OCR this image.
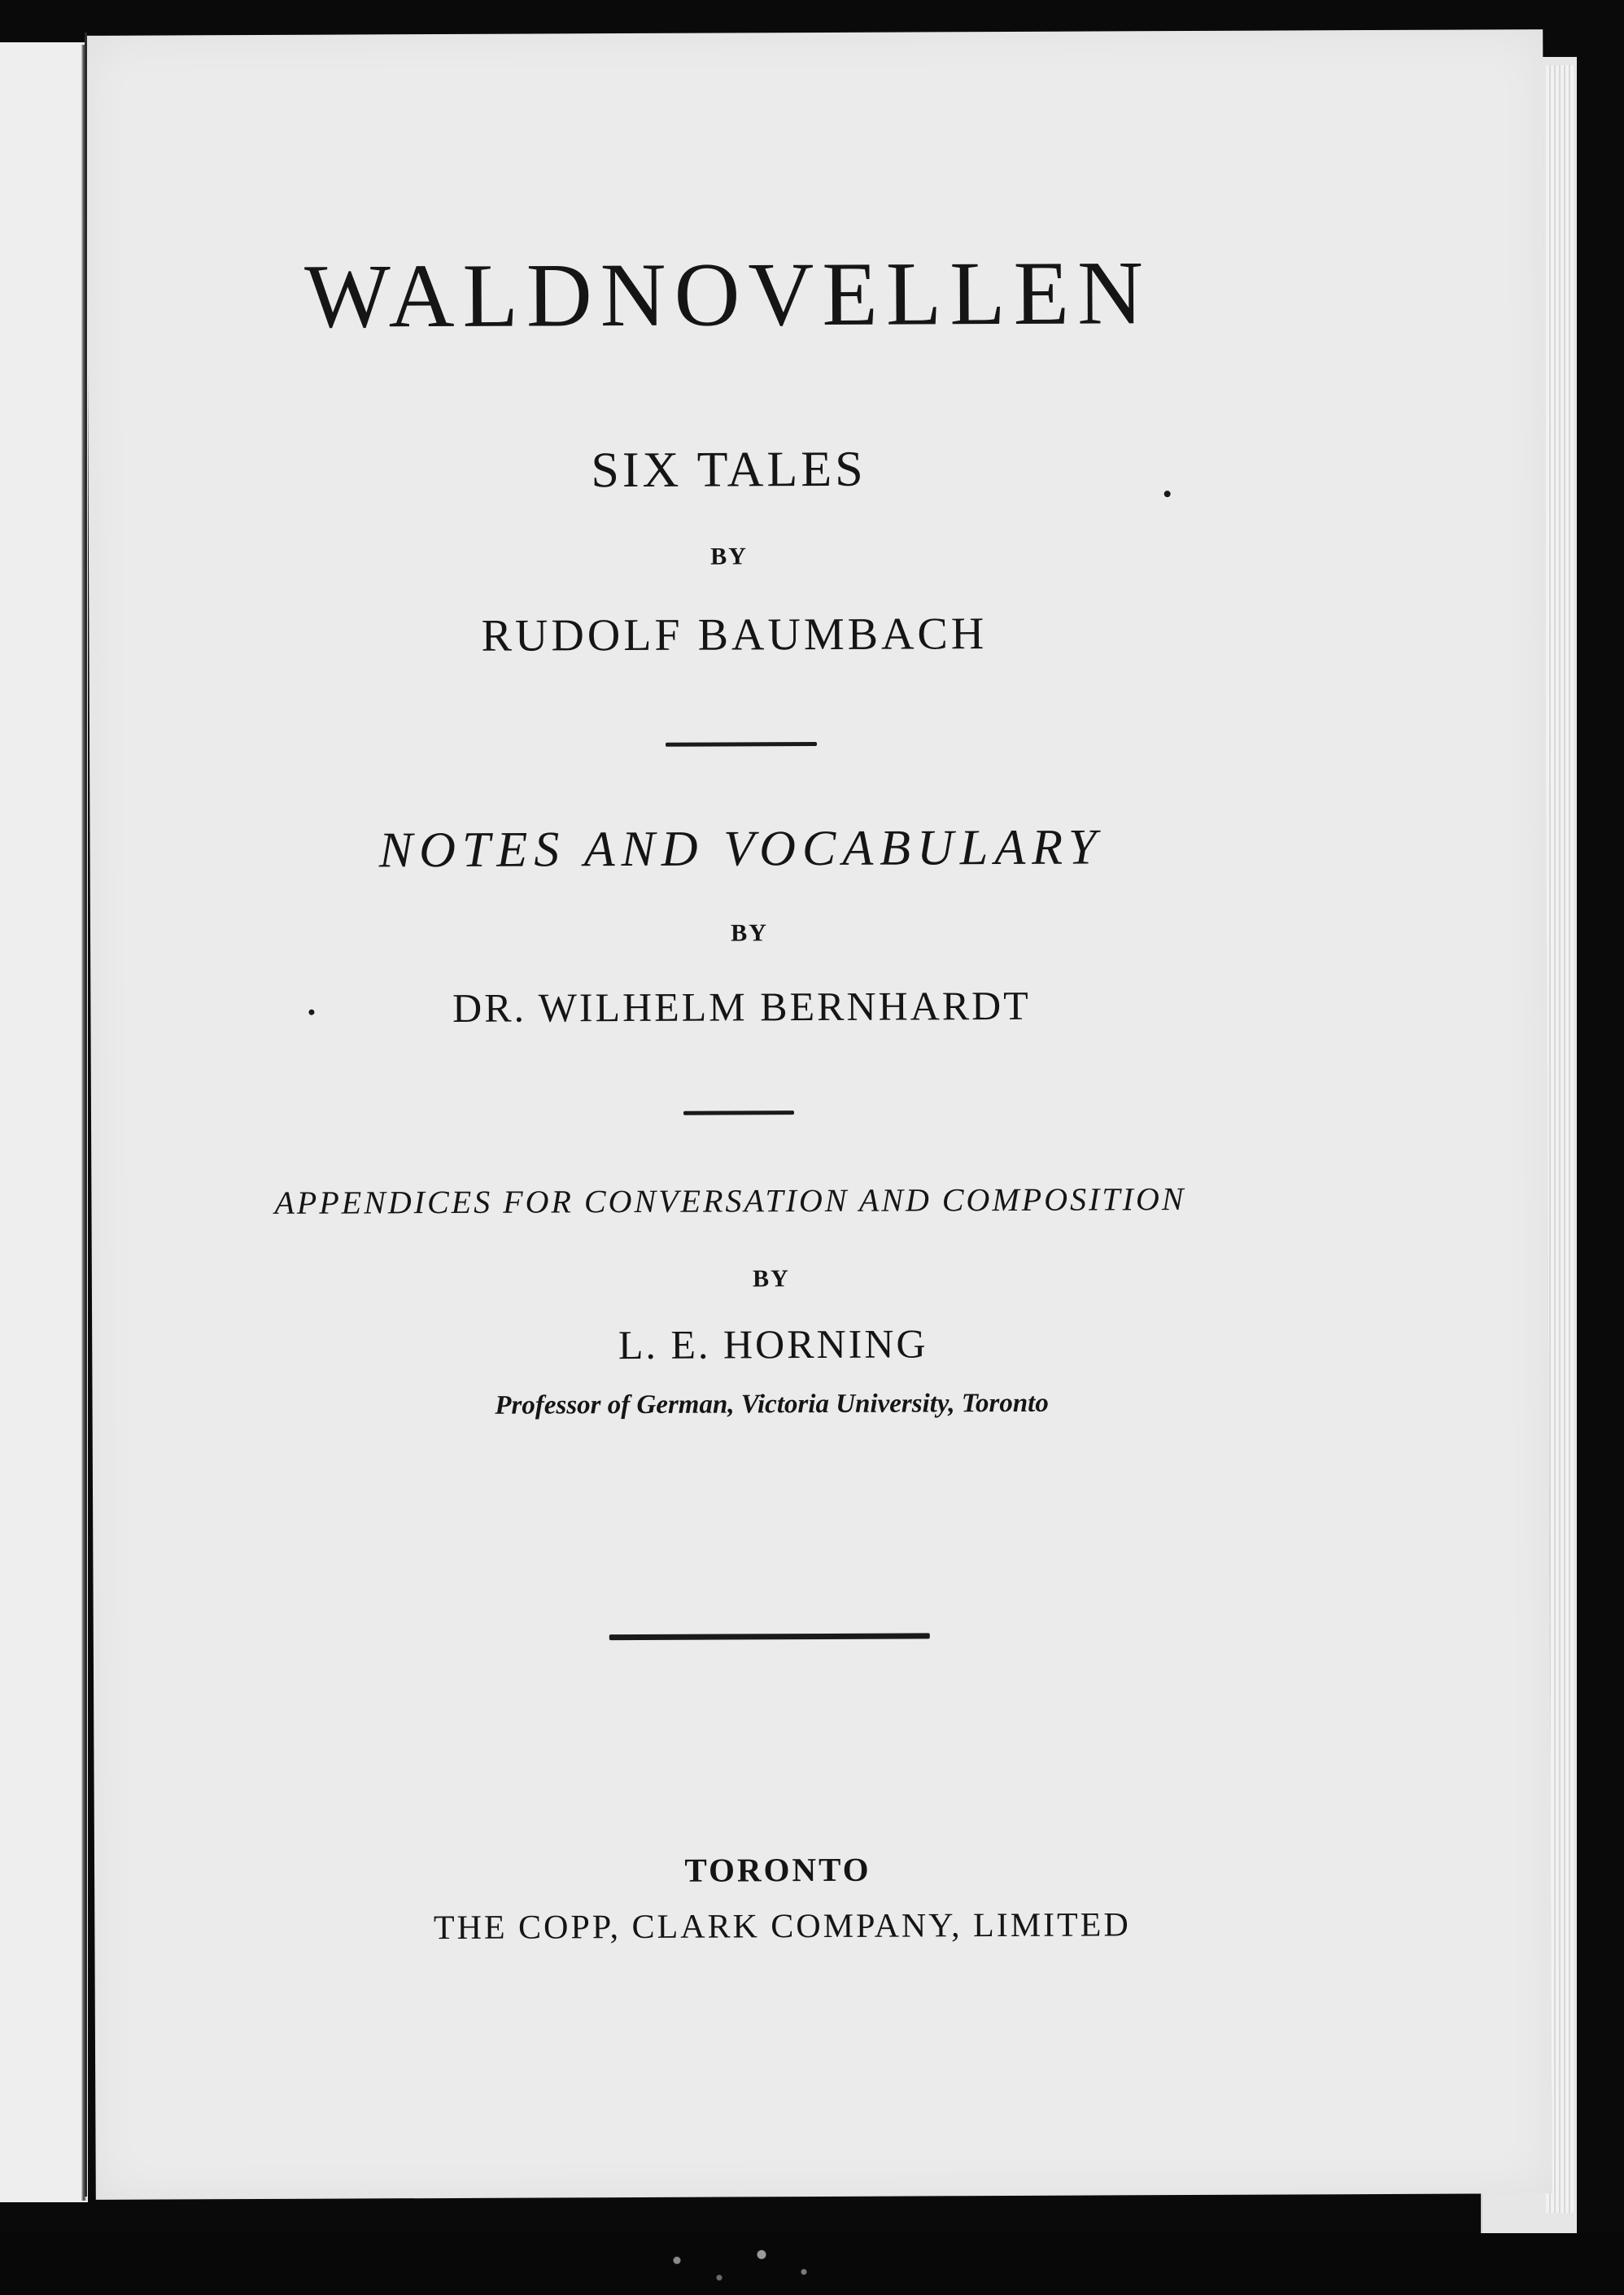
WALDNOVELLEN
SIX TALES
BY
RUDOLF BAUMBACH
NOTES AND VOCABULARY
BY
DR. WILHELM BERNHARDT
APPENDICES FOR CONVERSATION AND COMPOSITION
BY
L. E. HORNING
Professor of German, Victoria University, Toronto
TORONTO
THE COPP, CLARK COMPANY, LIMITED
